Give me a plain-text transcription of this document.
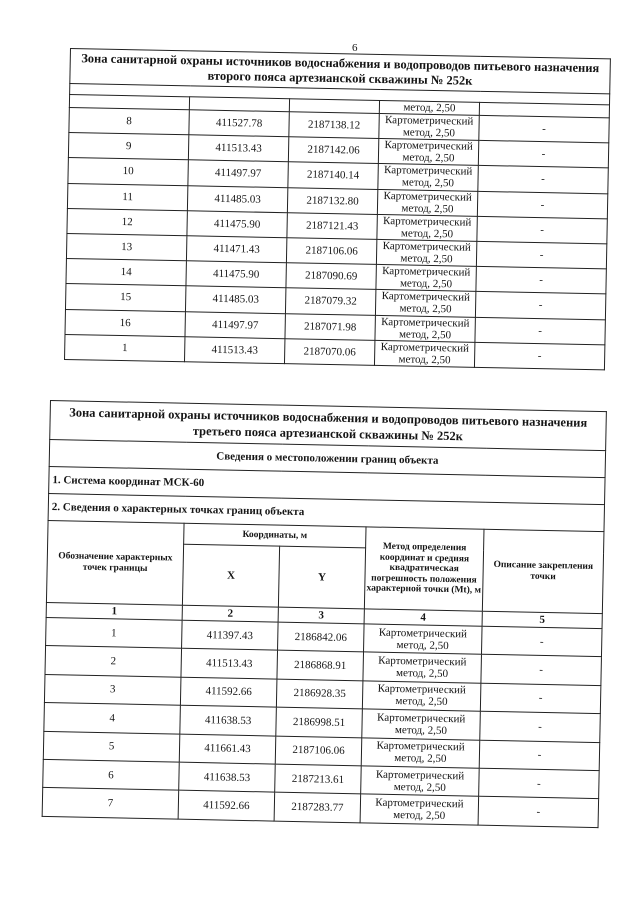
6
Зона санитарной охраны источников водоснабжения и водопроводов питьевого назначения второго пояса артезианской скважины № 252к				

			метод, 2,50	
8	411527.78	2187138.12	Картометрический
метод, 2,50	-
9	411513.43	2187142.06	Картометрический
метод, 2,50	-
10	411497.97	2187140.14	Картометрический
метод, 2,50	-
11	411485.03	2187132.80	Картометрический
метод, 2,50	-
12	411475.90	2187121.43	Картометрический
метод, 2,50	-
13	411471.43	2187106.06	Картометрический
метод, 2,50	-
14	411475.90	2187090.69	Картометрический
метод, 2,50	-
15	411485.03	2187079.32	Картометрический
метод, 2,50	-
16	411497.97	2187071.98	Картометрический
метод, 2,50	-
1	411513.43	2187070.06	Картометрический
метод, 2,50	-
Зона санитарной охраны источников водоснабжения и водопроводов питьевого назначения третьего пояса артезианской скважины № 252к				
Сведения о местоположении границ объекта				
1. Система координат МСК-60				
2. Сведения о характерных точках границ объекта				
Обозначение характерных точек границы	Координаты, м		Метод определения координат и средняя квадратическая погрешность положения характерной точки (Mt), м	Описание закрепления точки
	X	Y		
1	2	3	4	5
1	411397.43	2186842.06	Картометрический
метод, 2,50	-
2	411513.43	2186868.91	Картометрический
метод, 2,50	-
3	411592.66	2186928.35	Картометрический
метод, 2,50	-
4	411638.53	2186998.51	Картометрический
метод, 2,50	-
5	411661.43	2187106.06	Картометрический
метод, 2,50	-
6	411638.53	2187213.61	Картометрический
метод, 2,50	-
7	411592.66	2187283.77	Картометрический
метод, 2,50	-
